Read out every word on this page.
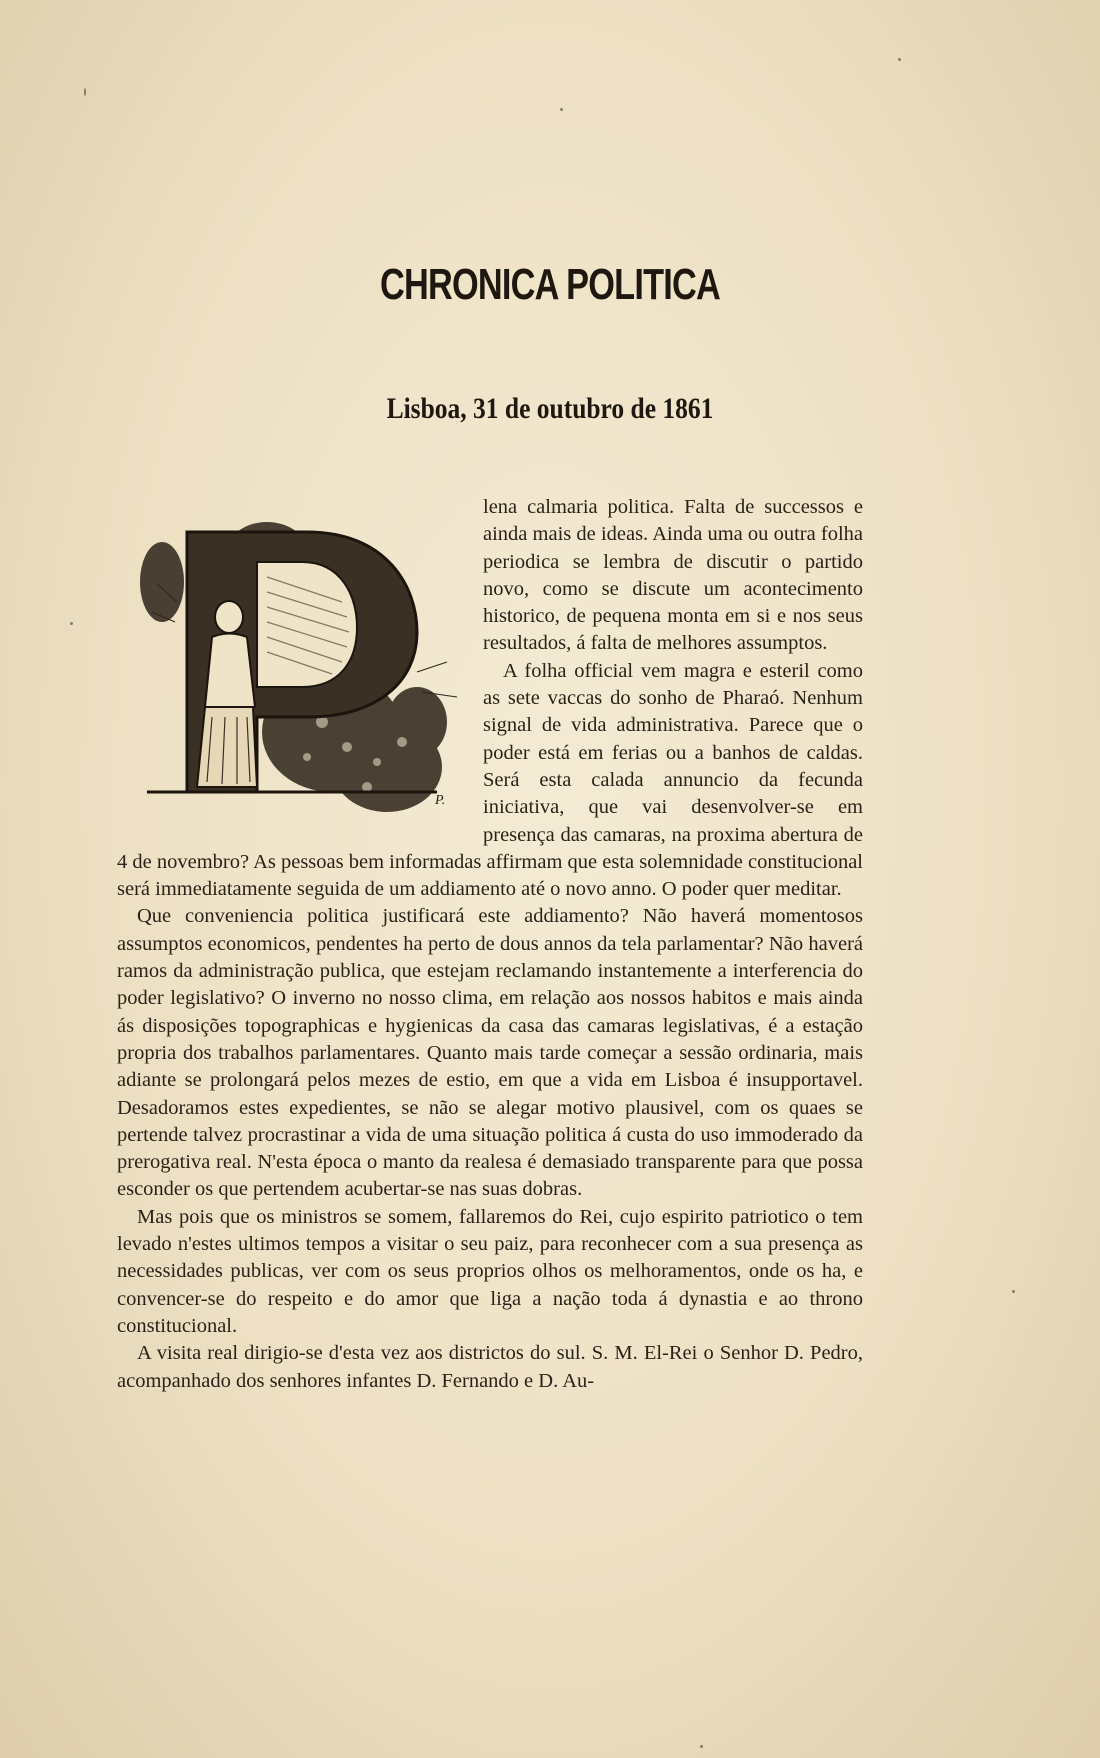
CHRONICA POLITICA
Lisboa, 31 de outubro de 1861
P.

lena calmaria politica. Falta de successos e ainda mais de ideas. Ainda uma ou outra folha periodica se lembra de discutir o partido novo, como se discute um acontecimento historico, de pequena monta em si e nos seus resultados, á falta de melhores assumptos.

A folha official vem magra e esteril como as sete vaccas do sonho de Pharaó. Nenhum signal de vida administrativa. Parece que o poder está em ferias ou a banhos de caldas. Será esta calada annuncio da fecunda iniciativa, que vai desenvolver-se em presença das camaras, na proxima abertura de 4 de novembro? As pessoas bem informadas affirmam que esta solemnidade constitucional será immediatamente seguida de um addiamento até o novo anno. O poder quer meditar.

Que conveniencia politica justificará este addiamento? Não haverá momentosos assumptos economicos, pendentes ha perto de dous annos da tela parlamentar? Não haverá ramos da administração publica, que estejam reclamando instantemente a interferencia do poder legislativo? O inverno no nosso clima, em relação aos nossos habitos e mais ainda ás disposições topographicas e hygienicas da casa das camaras legislativas, é a estação propria dos trabalhos parlamentares. Quanto mais tarde começar a sessão ordinaria, mais adiante se prolongará pelos mezes de estio, em que a vida em Lisboa é insupportavel. Desadoramos estes expedientes, se não se alegar motivo plausivel, com os quaes se pertende talvez procrastinar a vida de uma situação politica á custa do uso immoderado da prerogativa real. N'esta época o manto da realesa é demasiado transparente para que possa esconder os que pertendem acubertar-se nas suas dobras.

Mas pois que os ministros se somem, fallaremos do Rei, cujo espirito patriotico o tem levado n'estes ultimos tempos a visitar o seu paiz, para reconhecer com a sua presença as necessidades publicas, ver com os seus proprios olhos os melhoramentos, onde os ha, e convencer-se do respeito e do amor que liga a nação toda á dynastia e ao throno constitucional.

A visita real dirigio-se d'esta vez aos districtos do sul. S. M. El-Rei o Senhor D. Pedro, acompanhado dos senhores infantes D. Fernando e D. Au-
